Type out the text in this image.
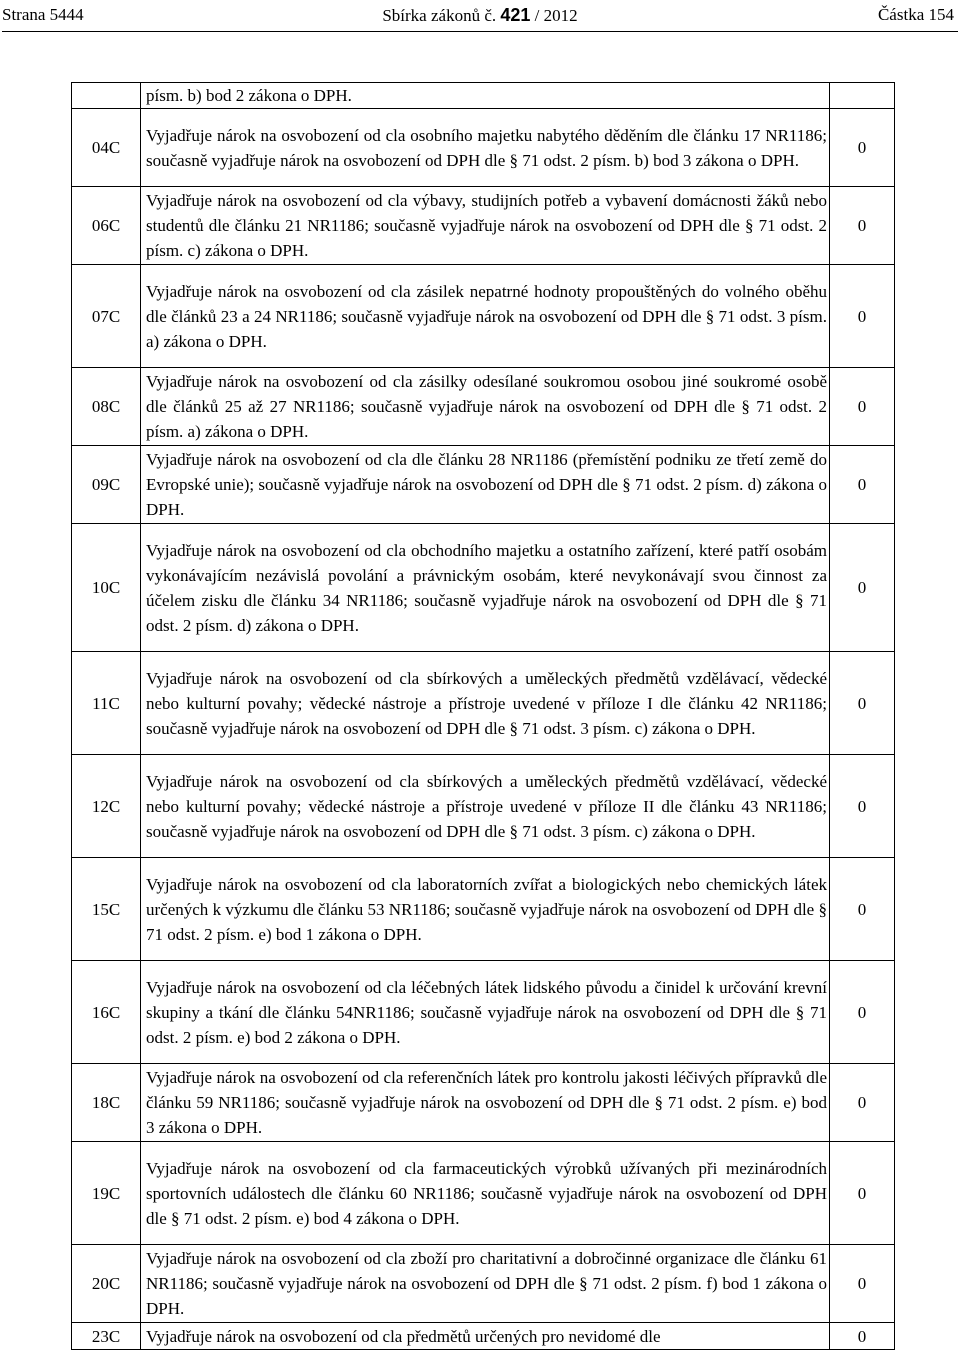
Strana 5444	Sbírka zákonů č. 421 / 2012	Částka 154
	písm. b) bod 2 zákona o DPH.	
04C	Vyjadřuje nárok na osvobození od cla osobního majetku nabytého děděním dle článku 17 NR1186; současně vyjadřuje nárok na osvobození od DPH dle § 71 odst. 2 písm. b) bod 3 zákona o DPH.	0
06C	Vyjadřuje nárok na osvobození od cla výbavy, studijních potřeb a vybavení domácnosti žáků nebo studentů dle článku 21 NR1186; současně vyjadřuje nárok na osvobození od DPH dle § 71 odst. 2 písm. c) zákona o DPH.	0
07C	Vyjadřuje nárok na osvobození od cla zásilek nepatrné hodnoty propouštěných do volného oběhu dle článků 23 a 24 NR1186; současně vyjadřuje nárok na osvobození od DPH dle § 71 odst. 3 písm. a) zákona o DPH.	0
08C	Vyjadřuje nárok na osvobození od cla zásilky odesílané soukromou osobou jiné soukromé osobě dle článků 25 až 27 NR1186; současně vyjadřuje nárok na osvobození od DPH dle § 71 odst. 2 písm. a) zákona o DPH.	0
09C	Vyjadřuje nárok na osvobození od cla dle článku 28 NR1186 (přemístění podniku ze třetí země do Evropské unie); současně vyjadřuje nárok na osvobození od DPH dle § 71 odst. 2 písm. d) zákona o DPH.	0
10C	Vyjadřuje nárok na osvobození od cla obchodního majetku a ostatního zařízení, které patří osobám vykonávajícím nezávislá povolání a právnickým osobám, které nevykonávají svou činnost za účelem zisku dle článku 34 NR1186; současně vyjadřuje nárok na osvobození od DPH dle § 71 odst. 2 písm. d) zákona o DPH.	0
11C	Vyjadřuje nárok na osvobození od cla sbírkových a uměleckých předmětů vzdělávací, vědecké nebo kulturní povahy; vědecké nástroje a přístroje uvedené v příloze I dle článku 42 NR1186; současně vyjadřuje nárok na osvobození od DPH dle § 71 odst. 3 písm. c) zákona o DPH.	0
12C	Vyjadřuje nárok na osvobození od cla sbírkových a uměleckých předmětů vzdělávací, vědecké nebo kulturní povahy; vědecké nástroje a přístroje uvedené v příloze II dle článku 43 NR1186; současně vyjadřuje nárok na osvobození od DPH dle § 71 odst. 3 písm. c) zákona o DPH.	0
15C	Vyjadřuje nárok na osvobození od cla laboratorních zvířat a biologických nebo chemických látek určených k výzkumu dle článku 53 NR1186; současně vyjadřuje nárok na osvobození od DPH dle § 71 odst. 2 písm. e) bod 1 zákona o DPH.	0
16C	Vyjadřuje nárok na osvobození od cla léčebných látek lidského původu a činidel k určování krevní skupiny a tkání dle článku 54NR1186; současně vyjadřuje nárok na osvobození od DPH dle § 71 odst. 2 písm. e) bod 2 zákona o DPH.	0
18C	Vyjadřuje nárok na osvobození od cla referenčních látek pro kontrolu jakosti léčivých přípravků dle článku 59 NR1186; současně vyjadřuje nárok na osvobození od DPH dle § 71 odst. 2 písm. e) bod 3 zákona o DPH.	0
19C	Vyjadřuje nárok na osvobození od cla farmaceutických výrobků užívaných při mezinárodních sportovních událostech dle článku 60 NR1186; současně vyjadřuje nárok na osvobození od DPH dle § 71 odst. 2 písm. e) bod 4 zákona o DPH.	0
20C	Vyjadřuje nárok na osvobození od cla zboží pro charitativní a dobročinné organizace dle článku 61 NR1186; současně vyjadřuje nárok na osvobození od DPH dle § 71 odst. 2 písm. f) bod 1 zákona o DPH.	0
23C	Vyjadřuje nárok na osvobození od cla předmětů určených pro nevidomé dle	0
